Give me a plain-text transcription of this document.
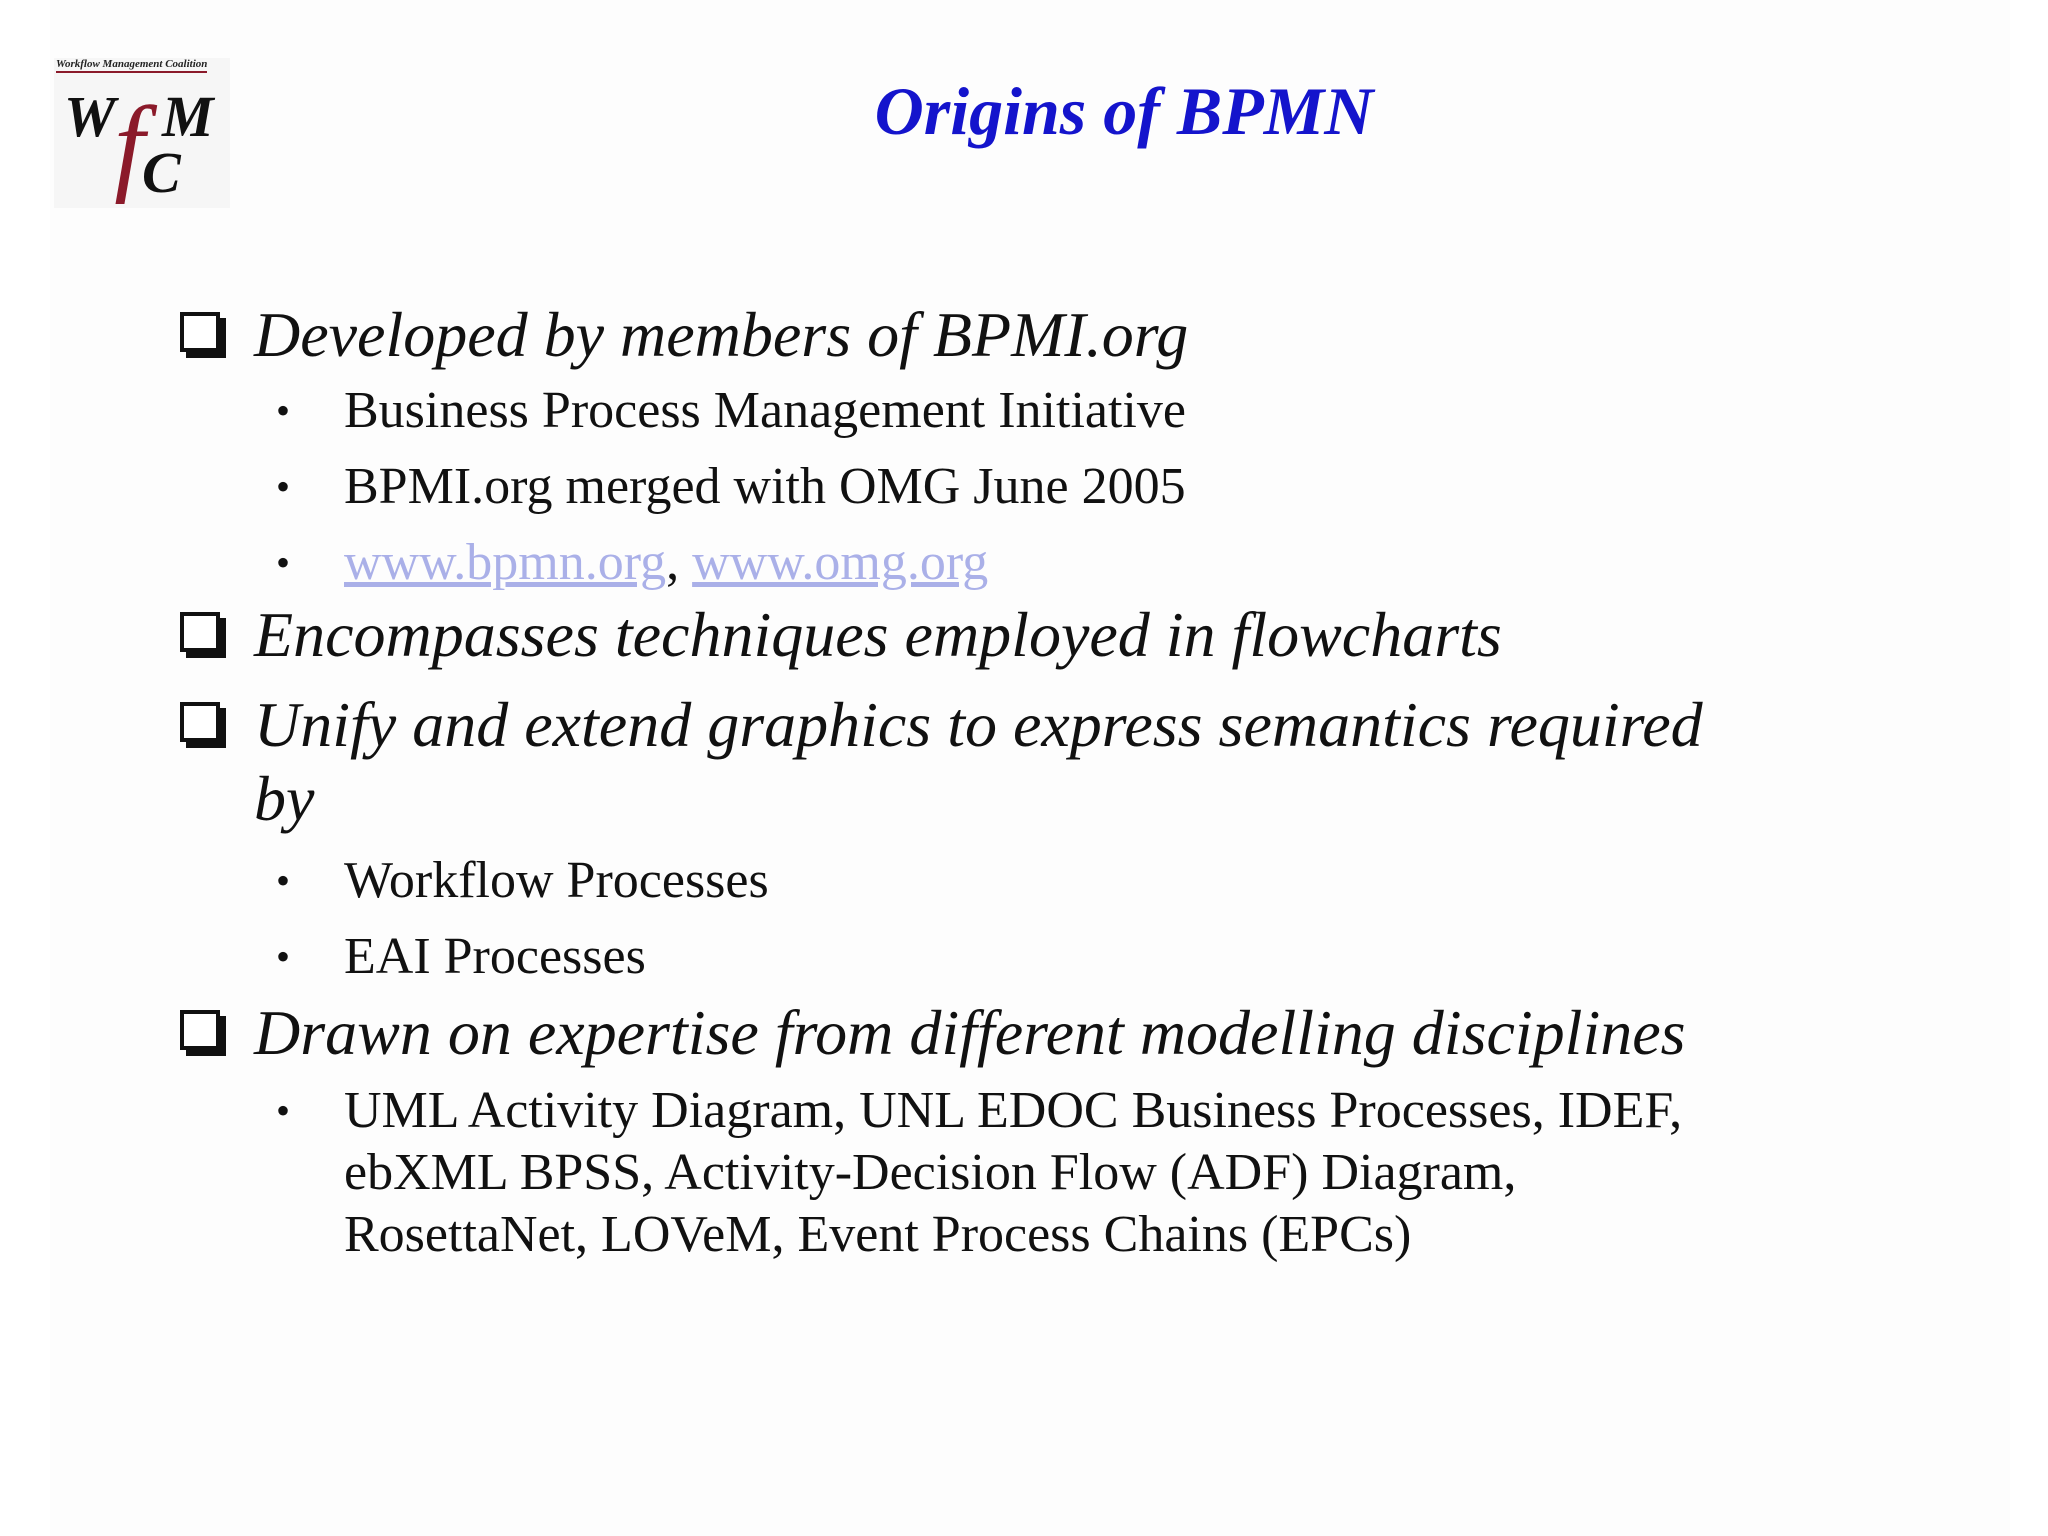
Workflow Management Coalition
W M
C
f	Origins of BPMN
Developed by members of BPMI.org
• Business Process Management Initiative
• BPMI.org merged with OMG June 2005
• www.bpmn.org, www.omg.org
Encompasses techniques employed in flowcharts
Unify and extend graphics to express semantics required
by
• Workflow Processes
• EAI Processes
Drawn on expertise from different modelling disciplines
• UML Activity Diagram, UNL EDOC Business Processes, IDEF,
ebXML BPSS, Activity-Decision Flow (ADF) Diagram,
RosettaNet, LOVeM, Event Process Chains (EPCs)
